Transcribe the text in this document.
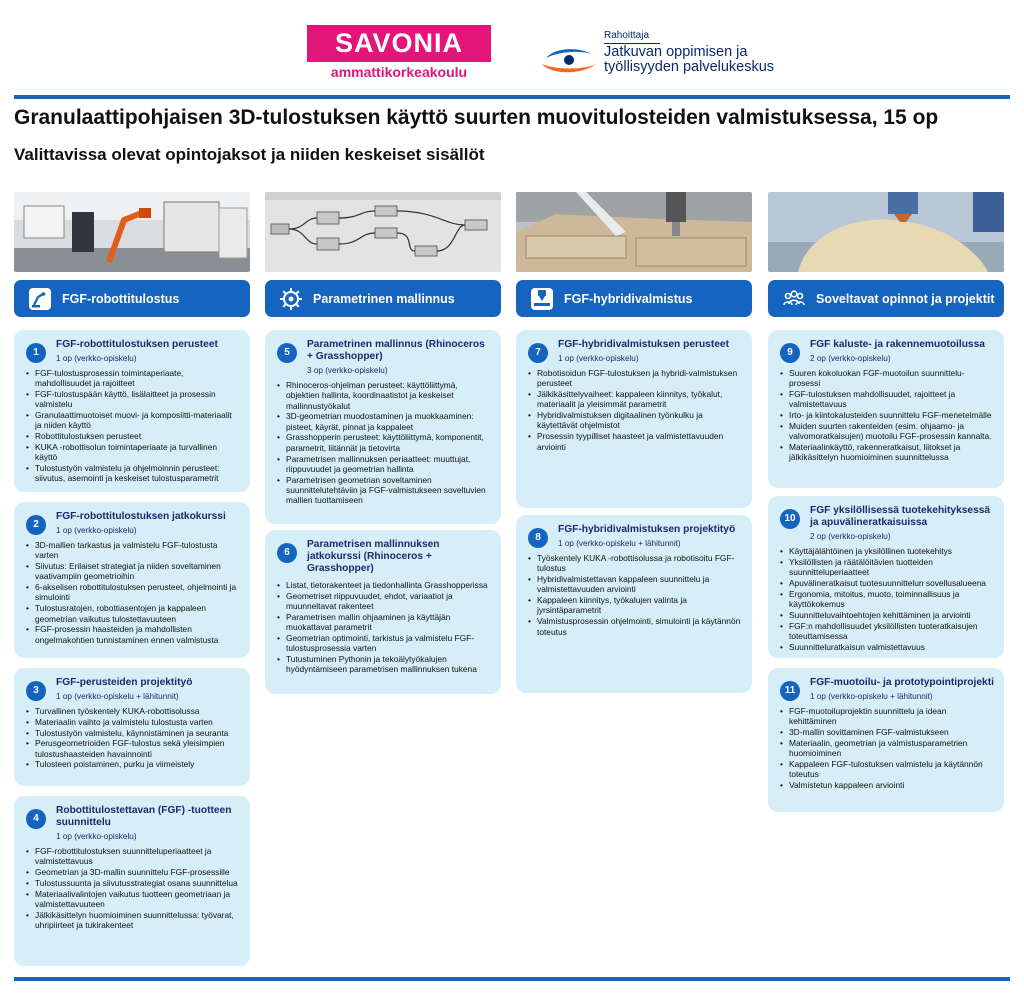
SAVONIA
ammattikorkeakoulu
Rahoittaja
Jatkuvan oppimisen ja
työllisyyden palvelukeskus
Granulaattipohjaisen 3D-tulostuksen käyttö suurten muovitulosteiden valmistuksessa, 15 op
Valittavissa olevat opintojaksot ja niiden keskeiset sisällöt
FGF-robottitulostus	Parametrinen mallinnus	FGF-hybridivalmistus	Soveltavat opinnot ja projektit
1
FGF-robottitulostuksen perusteet
1 op (verkko-opiskelu)
• FGF-tulostusprosessin toimintaperiaate, mahdollisuudet ja rajoitteet
• FGF-tulostuspään käyttö, lisälaitteet ja prosessin valmistelu
• Granulaattimuotoiset muovi- ja komposiitti-materiaalit ja niiden käyttö
• Robottitulostuksen perusteet
• KUKA -robottisolun toimintaperiaate ja turvallinen käyttö
• Tulostustyön valmistelu ja ohjelmoinnin perusteet: siivutus, asemointi ja keskeiset tulostusparametrit
2
FGF-robottitulostuksen jatkokurssi
1 op (verkko-opiskelu)
• 3D-mallien tarkastus ja valmistelu FGF-tulostusta varten
• Siivutus: Erilaiset strategiat ja niiden soveltaminen vaativampiin geometrioihin
• 6-akselisen robottitulostuksen perusteet, ohjelmointi ja simulointi
• Tulostusratojen, robottiasentojen ja kappaleen geometrian vaikutus tulostettavuuteen
• FGF-prosessin haasteiden ja mahdollisten ongelmakohtien tunnistaminen ennen valmistusta
3
FGF-perusteiden projektityö
1 op (verkko-opiskelu + lähitunnit)
• Turvallinen työskentely KUKA-robottisolussa
• Materiaalin vaihto ja valmistelu tulostusta varten
• Tulostustyön valmistelu, käynnistäminen ja seuranta
• Perusgeometrioiden FGF-tulostus sekä yleisimpien tulostushaasteiden havainnointi
• Tulosteen poistaminen, purku ja viimeistely
4
Robottitulostettavan (FGF) -tuotteen suunnittelu
1 op (verkko-opiskelu)
• FGF-robottitulostuksen suunnitteluperiaatteet ja valmistettavuus
• Geometrian ja 3D-mallin suunnittelu FGF-prosessille
• Tulostussuunta ja siivutusstrategiat osana suunnittelua
• Materiaalivalintojen vaikutus tuotteen geometriaan ja valmistettavuuteen
• Jälkikäsittelyn huomioiminen suunnittelussa: työvarat, uhripiirteet ja tukirakenteet
5
Parametrinen mallinnus (Rhinoceros + Grasshopper)
3 op (verkko-opiskelu)
• Rhinoceros-ohjelman perusteet: käyttöliittymä, objektien hallinta, koordinaatistot ja keskeiset mallinnustyökalut
• 3D-geometrian muodostaminen ja muokkaaminen: pisteet, käyrät, pinnat ja kappaleet
• Grasshopperin perusteet: käyttöliittymä, komponentit, parametrit, liitännät ja tietovirta
• Parametrisen mallinnuksen periaatteet: muuttujat, riippuvuudet ja geometrian hallinta
• Parametrisen geometrian soveltaminen suunnittelutehtäviin ja FGF-valmistukseen soveltuvien mallien tuottamiseen
6
Parametrisen mallinnuksen jatkokurssi (Rhinoceros + Grasshopper)
• Listat, tietorakenteet ja tiedonhallinta Grasshopperissa
• Geometriset riippuvuudet, ehdot, variaatiot ja muunneltavat rakenteet
• Parametrisen mallin ohjaaminen ja käyttäjän muokattavat parametrit
• Geometrian optimointi, tarkistus ja valmistelu FGF-tulostusprosessia varten
• Tutustuminen Pythonin ja tekoälytyökalujen hyödyntämiseen parametrisen mallinnuksen tukena
7
FGF-hybridivalmistuksen perusteet
1 op (verkko-opiskelu)
• Robotisoidun FGF-tulostuksen ja hybridi-valmistuksen perusteet
• Jälkikäsittelyvaiheet: kappaleen kiinnitys, työkalut, materiaalit ja yleisimmät parametrit
• Hybridivalmistuksen digitaalinen työnkulku ja käytettävät ohjelmistot
• Prosessin tyypilliset haasteet ja valmistettavuuden arviointi
8
FGF-hybridivalmistuksen projektityö
1 op (verkko-opiskelu + lähitunnit)
• Työskentely KUKA -robottisolussa ja robotisoitu FGF-tulostus
• Hybridivalmistettavan kappaleen suunnittelu ja valmistettavuuden arviointi
• Kappaleen kiinnitys, työkalujen valinta ja jyrsintäparametrit
• Valmistusprosessin ohjelmointi, simulointi ja käytännön toteutus
9
FGF kaluste- ja rakennemuotoilussa
2 op (verkko-opiskelu)
• Suuren kokoluokan FGF-muotoilun suunnittelu-prosessi
• FGF-tulostuksen mahdollisuudet, rajoitteet ja valmistettavuus
• Irto- ja kiintokalusteiden suunnittelu FGF-menetelmälle
• Muiden suurten rakenteiden (esim. ohjaamo- ja valvomoratkaisujen) muotoilu FGF-prosessin kannalta.
• Materiaalinkäyttö, rakenneratkaisut, liitokset ja jälkikäsittelyn huomioiminen suunnittelussa
10
FGF yksilöllisessä tuotekehityksessä ja apuvälineratkaisuissa
2 op (verkko-opiskelu)
• Käyttäjälähtöinen ja yksilöllinen tuotekehitys
• Yksilöllisten ja räätälöitävien tuotteiden suunnitteluperiaatteet
• Apuvälineratkaisut tuotesuunnittelun sovellusalueena
• Ergonomia, mitoitus, muoto, toiminnallisuus ja käyttökokemus
• Suunnitteluvaihtoehtojen kehittäminen ja arviointi
• FGF:n mahdollisuudet yksilöllisten tuoteratkaisujen toteuttamisessa
• Suunnitteluratkaisun valmistettavuus
11
FGF-muotoilu- ja prototypointiprojekti
1 op (verkko-opiskelu + lähitunnit)
• FGF-muotoiluprojektin suunnittelu ja idean kehittäminen
• 3D-mallin sovittaminen FGF-valmistukseen
• Materiaalin, geometrian ja valmistusparametrien huomioiminen
• Kappaleen FGF-tulostuksen valmistelu ja käytännön toteutus
• Valmistetun kappaleen arviointi
